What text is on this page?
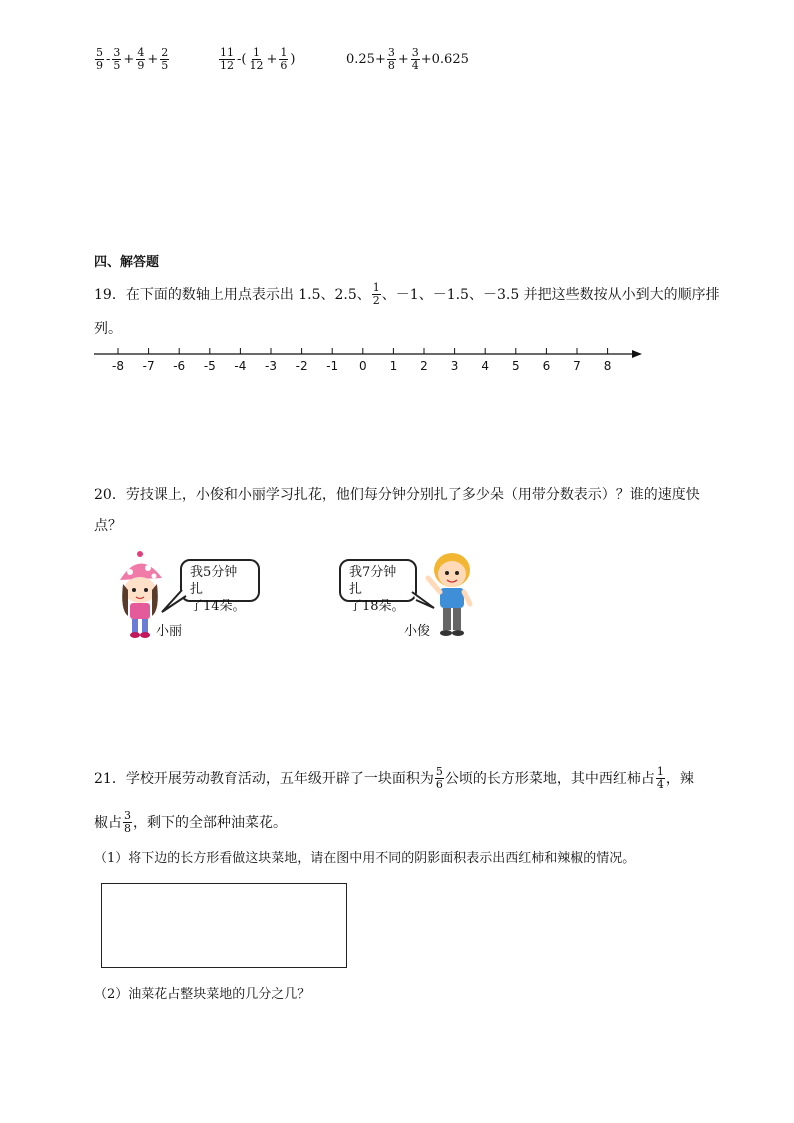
$\frac{5}{9} - \frac{3}{5} + \frac{4}{9} + \frac{2}{5}$	$\frac{11}{12}$ -( $\frac{1}{12} + \frac{1}{6}$ )	$0.25+ \frac{3}{8} + \frac{3}{4} +0.625$
四、解答题
19．在下面的数轴上用点表示出 1.5、2.5、 $\frac{1}{2}$ 、－1、－1.5、－3.5 并把这些数按从小到大的顺序排
列。
-8 -7 -6 -5 -4 -3 -2 -1 0 1 2 3 4 5 6 7 8
20．劳技课上，小俊和小丽学习扎花，他们每分钟分别扎了多少朵（用带分数表示）？谁的速度快
点？
我5分钟扎
了14朵。
小丽
我7分钟扎
了18朵。
小俊
21．学校开展劳动教育活动，五年级开辟了一块面积为 $\frac{5}{6}$ 公顷的长方形菜地，其中西红柿占 $\frac{1}{4}$ ，辣
椒占 $\frac{3}{8}$ ，剩下的全部种油菜花。
（1）将下边的长方形看做这块菜地，请在图中用不同的阴影面积表示出西红柿和辣椒的情况。
（2）油菜花占整块菜地的几分之几？
